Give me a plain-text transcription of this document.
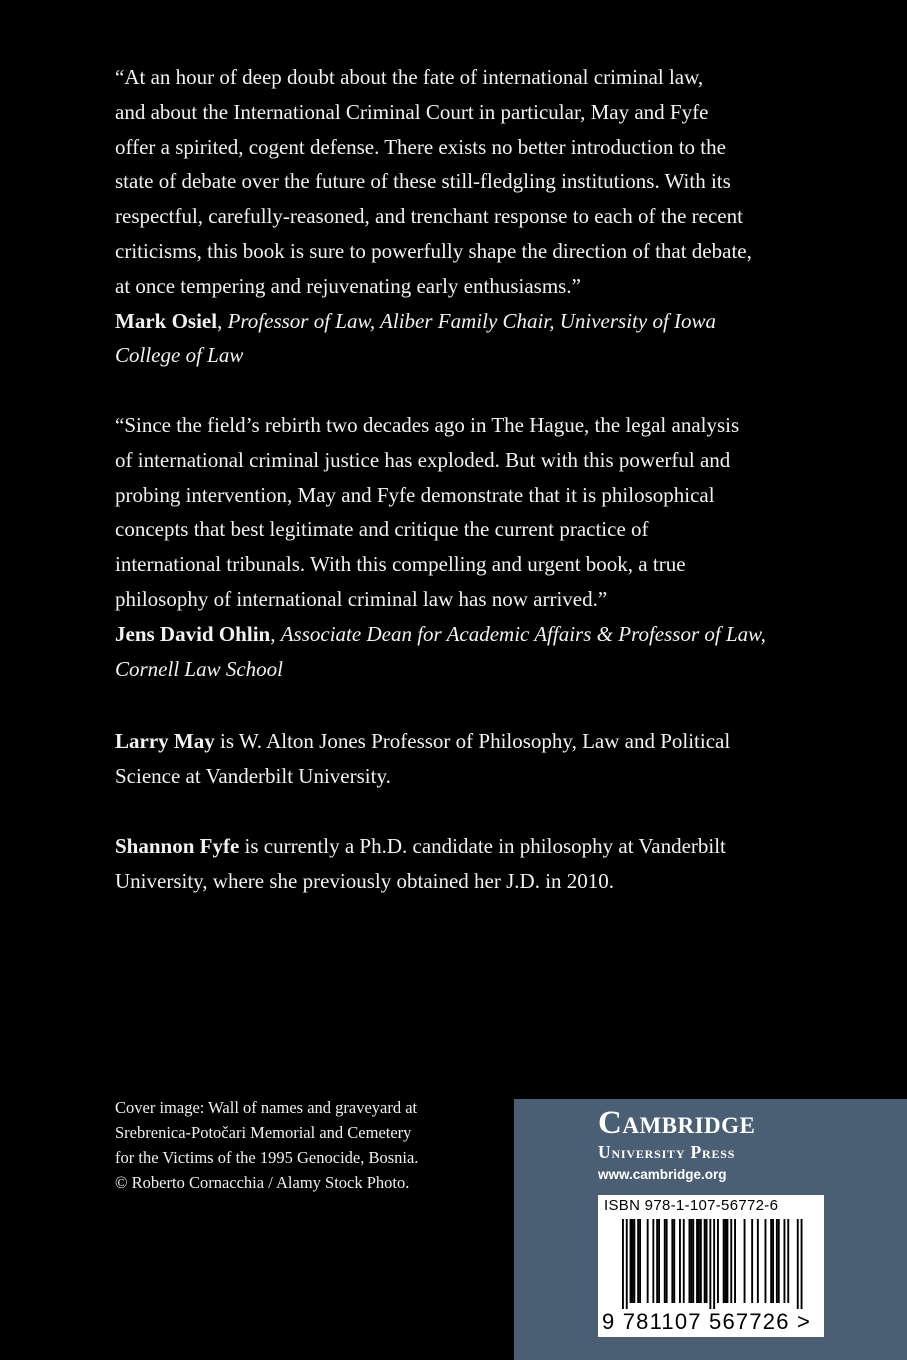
“At an hour of deep doubt about the fate of international criminal law,
and about the International Criminal Court in particular, May and Fyfe
offer a spirited, cogent defense. There exists no better introduction to the
state of debate over the future of these still-fledgling institutions. With its
respectful, carefully-reasoned, and trenchant response to each of the recent
criticisms, this book is sure to powerfully shape the direction of that debate,
at once tempering and rejuvenating early enthusiasms.”
Mark Osiel, Professor of Law, Aliber Family Chair, University of Iowa
College of Law
“Since the field’s rebirth two decades ago in The Hague, the legal analysis
of international criminal justice has exploded. But with this powerful and
probing intervention, May and Fyfe demonstrate that it is philosophical
concepts that best legitimate and critique the current practice of
international tribunals. With this compelling and urgent book, a true
philosophy of international criminal law has now arrived.”
Jens David Ohlin, Associate Dean for Academic Affairs & Professor of Law,
Cornell Law School
Larry May is W. Alton Jones Professor of Philosophy, Law and Political
Science at Vanderbilt University.
Shannon Fyfe is currently a Ph.D. candidate in philosophy at Vanderbilt
University, where she previously obtained her J.D. in 2010.
Cover image: Wall of names and graveyard at
Srebrenica-Potočari Memorial and Cemetery
for the Victims of the 1995 Genocide, Bosnia.
© Roberto Cornacchia / Alamy Stock Photo.
Cambridge
University Press
www.cambridge.org
ISBN 978-1-107-56772-6
9 781107 567726 >
